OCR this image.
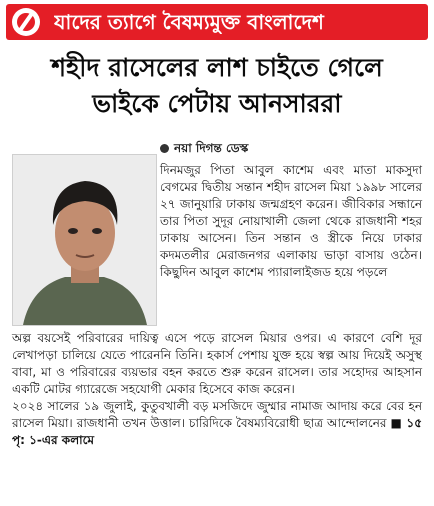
যাদের ত্যাগে বৈষম্যমুক্ত বাংলাদেশ
শহীদ রাসেলের লাশ চাইতে গেলে
ভাইকে পেটায় আনসাররা
নয়া দিগন্ত ডেস্ক

দিনমজুর পিতা আবুল কাশেম এবং মাতা মাকসুদা বেগমের দ্বিতীয় সন্তান শহীদ রাসেল মিয়া ১৯৯৮ সালের ২৭ জানুয়ারি ঢাকায় জন্মগ্রহণ করেন। জীবিকার সন্ধানে তার পিতা সুদূর নোয়াখালী জেলা থেকে রাজধানী শহর ঢাকায় আসেন। তিন সন্তান ও স্ত্রীকে নিয়ে ঢাকার কদমতলীর মেরাজনগর এলাকায় ভাড়া বাসায় ওঠেন। কিছুদিন আবুল কাশেম প্যারালাইজড হয়ে পড়লে

অল্প বয়সেই পরিবারের দায়িত্ব এসে পড়ে রাসেল মিয়ার ওপর। এ কারণে বেশি দূর লেখাপড়া চালিয়ে যেতে পারেননি তিনি। হকার্স পেশায় যুক্ত হয়ে স্বল্প আয় দিয়েই অসুস্থ বাবা, মা ও পরিবারের ব্যয়ভার বহন করতে শুরু করেন রাসেল। তার সহোদর আহসান একটি মোটর গ্যারেজে সহযোগী মেকার হিসেবে কাজ করেন।

২০২৪ সালের ১৯ জুলাই, কুতুবখালী বড় মসজিদে জুম্মার নামাজ আদায় করে বের হন রাসেল মিয়া। রাজধানী তখন উত্তাল। চারিদিকে বৈষম্যবিরোধী ছাত্র আন্দোলনের ■ ১৫ পৃ: ১-এর কলামে
